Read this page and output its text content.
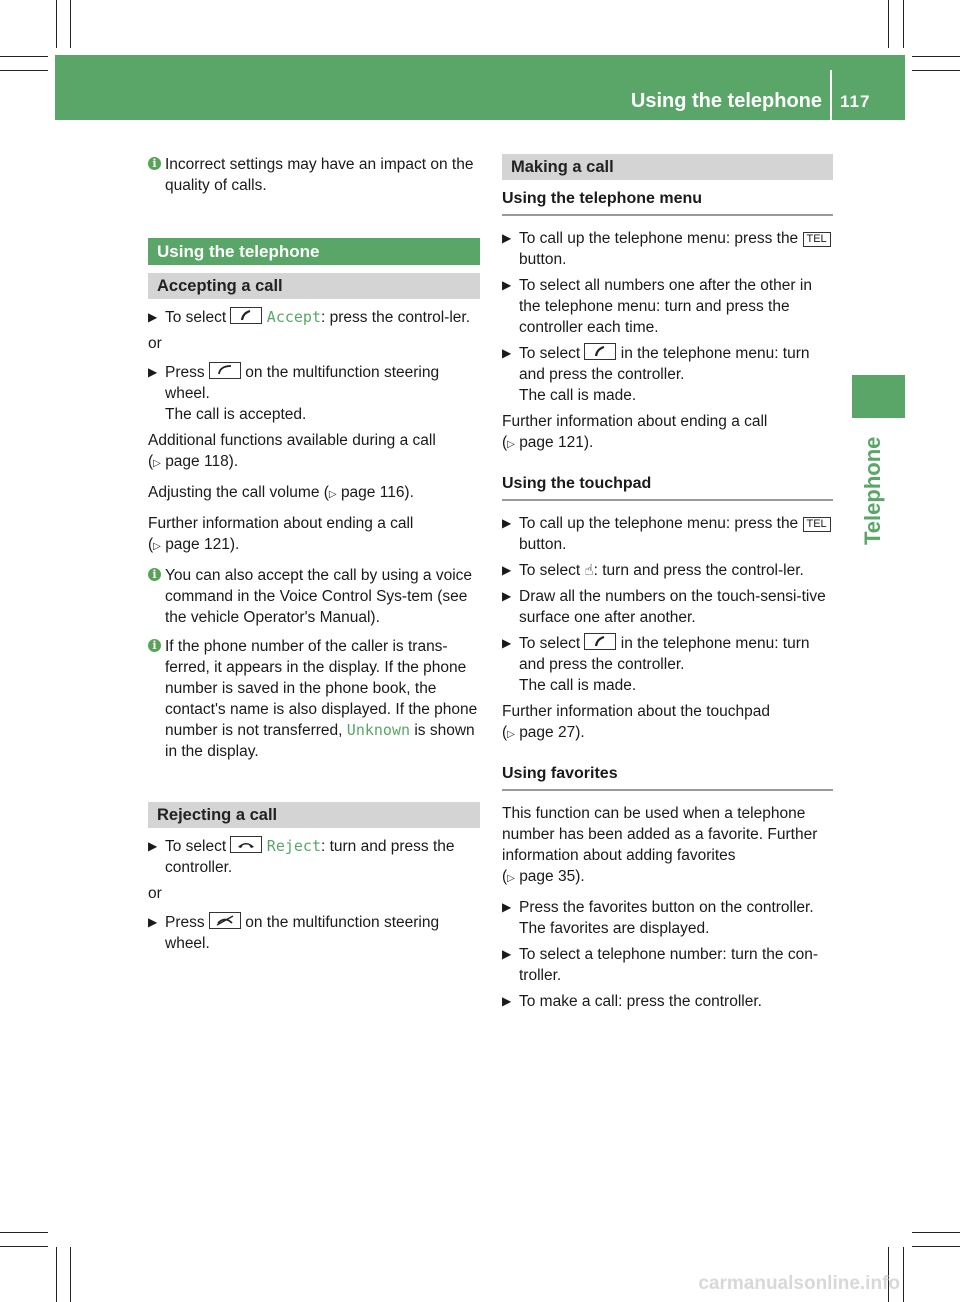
Using the telephone 117
Telephone
i Incorrect settings may have an impact on the quality of calls.
Using the telephone
Accepting a call
▶ To select	Accept: press the control-ler.

or

▶ Press	on the multifunction steering wheel.
The call is accepted.

Additional functions available during a call
(▷ page 118).

Adjusting the call volume (▷ page 116).

Further information about ending a call
(▷ page 121).

i You can also accept the call by using a voice command in the Voice Control Sys-tem (see the vehicle Operator's Manual).
i If the phone number of the caller is trans-ferred, it appears in the display. If the phone number is saved in the phone book, the contact's name is also displayed. If the phone number is not transferred, Unknown is shown in the display.
Rejecting a call
▶ To select	Reject: turn and press the controller.

or

▶ Press	on the multifunction steering wheel.
Making a call
Using the telephone menu
▶ To call up the telephone menu: press the TEL button.
▶ To select all numbers one after the other in the telephone menu: turn and press the controller each time.
▶ To select	in the telephone menu: turn and press the controller.
The call is made.

Further information about ending a call
(▷ page 121).

Using the touchpad
▶ To call up the telephone menu: press the TEL button.
▶ To select ☝: turn and press the control-ler.
▶ Draw all the numbers on the touch-sensi-tive surface one after another.
▶ To select	in the telephone menu: turn and press the controller.
The call is made.

Further information about the touchpad
(▷ page 27).

Using favorites

This function can be used when a telephone number has been added as a favorite. Further information about adding favorites
(▷ page 35).

▶ Press the favorites button on the controller.
The favorites are displayed.
▶ To select a telephone number: turn the con-troller.
▶ To make a call: press the controller.
carmanualsonline.info
